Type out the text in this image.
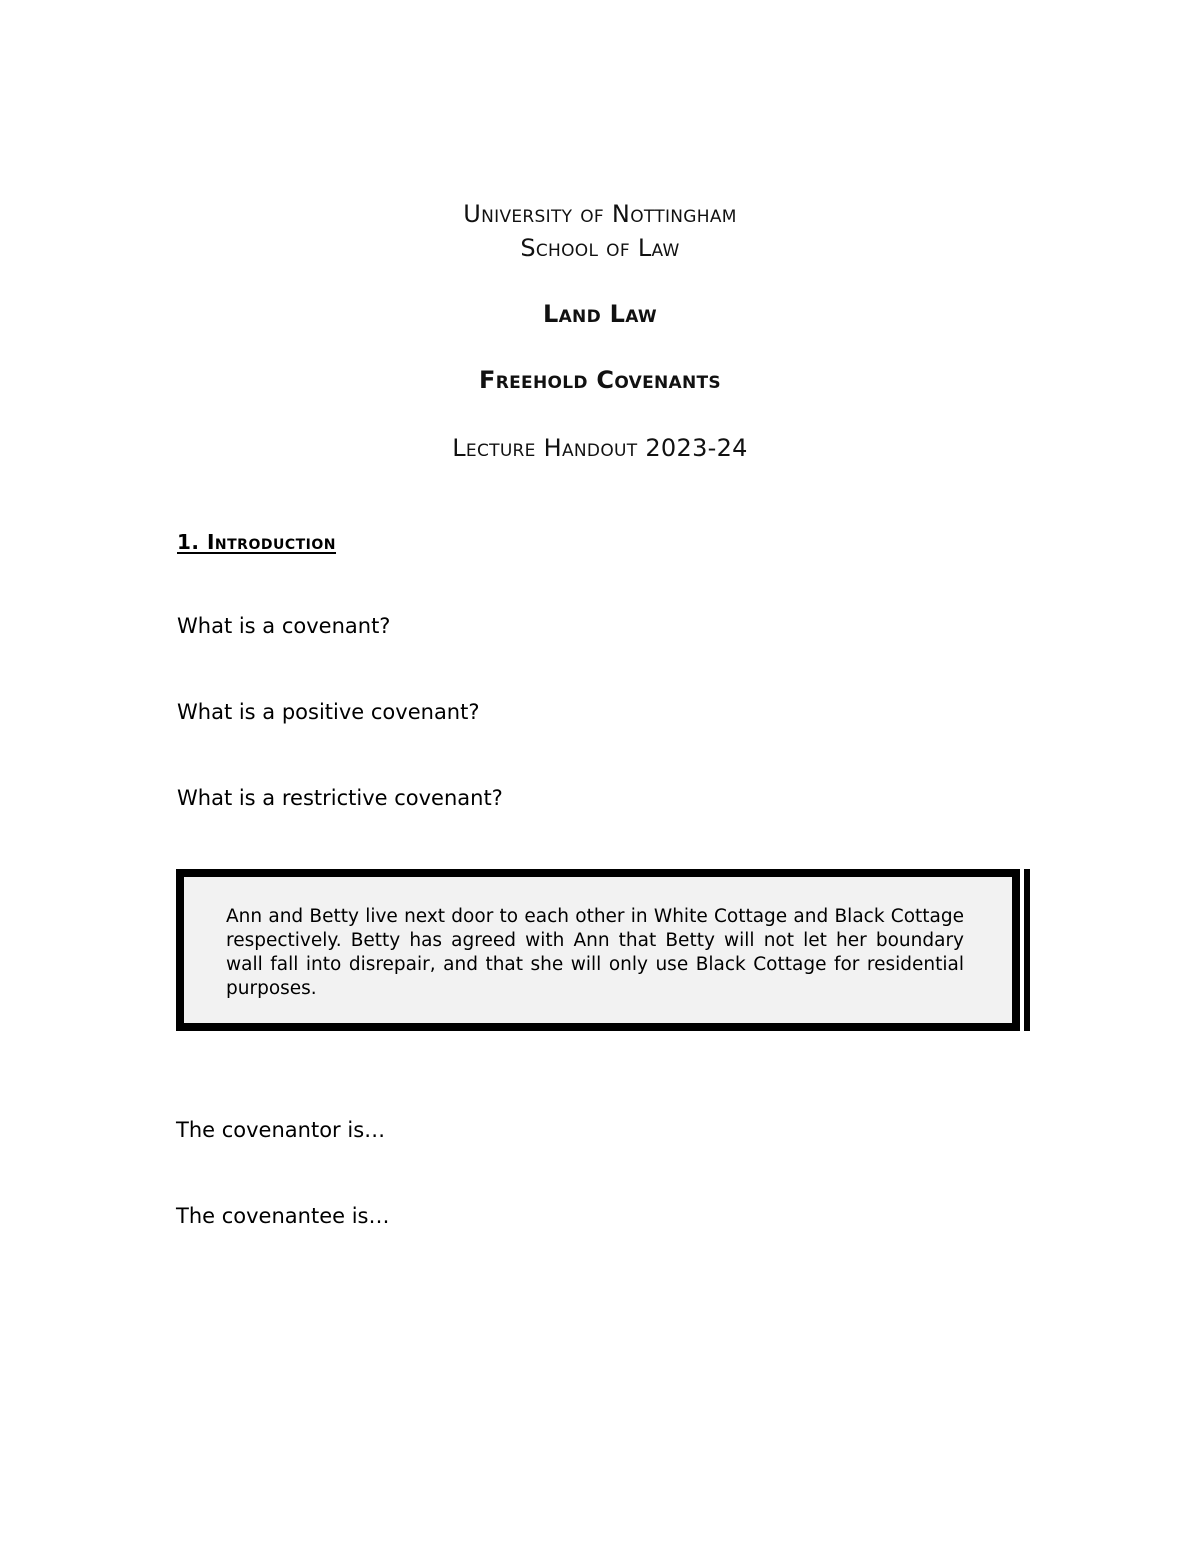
University of Nottingham
School of Law
Land Law
Freehold Covenants
Lecture Handout 2023-24
1. Introduction
What is a covenant?
What is a positive covenant?
What is a restrictive covenant?

Ann and Betty live next door to each other in White Cottage and Black Cottage respectively. Betty has agreed with Ann that Betty will not let her boundary wall fall into disrepair, and that she will only use Black Cottage for residential purposes.

The covenantor is…
The covenantee is…
